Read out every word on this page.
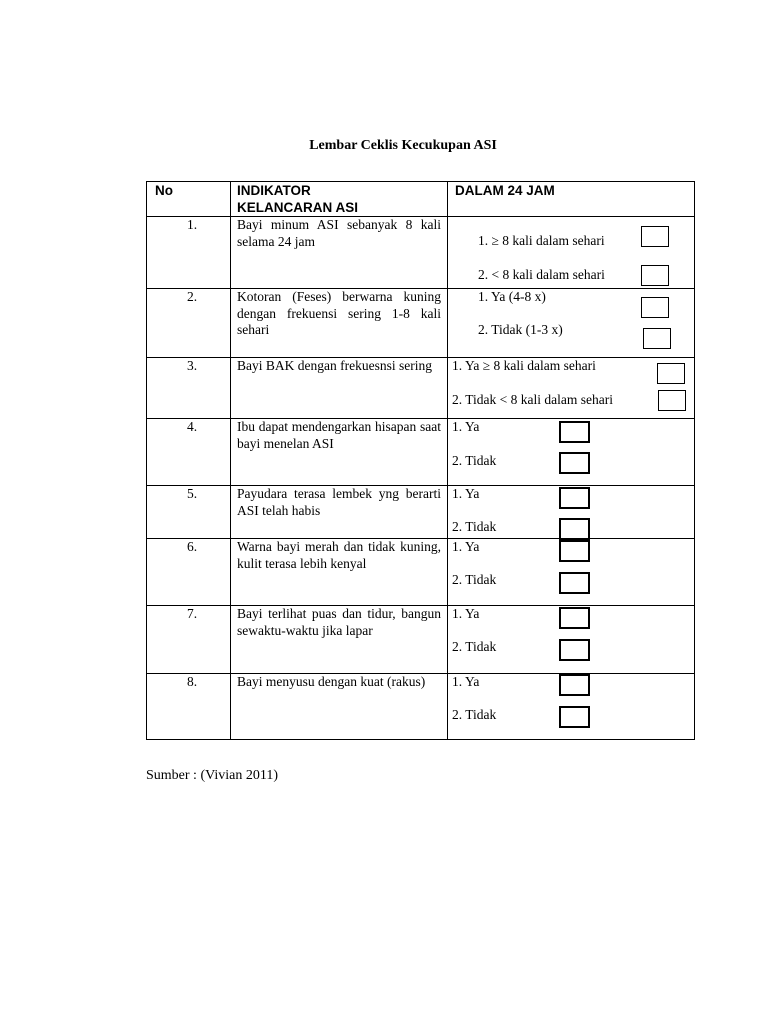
Lembar Ceklis Kecukupan ASI
No	INDIKATOR KELANCARAN ASI
DALAM 24 JAM
1.	Bayi minum ASI sebanyak 8 kali selama 24 jam	1. ≥ 8 kali dalam sehari
2. < 8 kali dalam sehari
2.	Kotoran (Feses) berwarna kuning dengan frekuensi sering 1-8 kali sehari
1. Ya (4-8 x)
2. Tidak (1-3 x)
3.	Bayi BAK dengan frekuesnsi sering	1. Ya ≥ 8 kali dalam sehari
2. Tidak < 8 kali dalam sehari
4.	Ibu dapat mendengarkan hisapan saat bayi menelan ASI
1. Ya
2. Tidak
5.	Payudara terasa lembek yng berarti ASI telah habis
1. Ya
2. Tidak
6.	Warna bayi merah dan tidak kuning, kulit terasa lebih kenyal
1. Ya
2. Tidak
7.	Bayi terlihat puas dan tidur, bangun sewaktu-waktu jika lapar
1. Ya
2. Tidak
8.	Bayi menyusu dengan kuat (rakus)	1. Ya
2. Tidak
Sumber : (Vivian 2011)
